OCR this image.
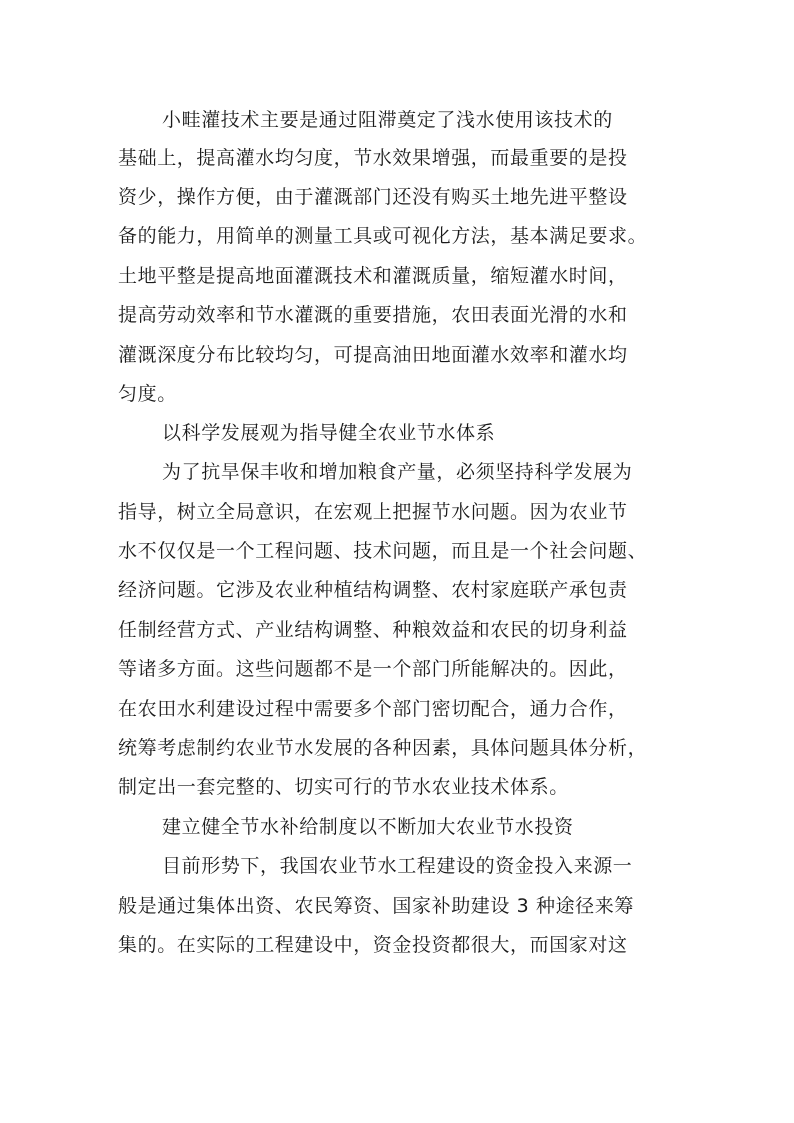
小畦灌技术主要是通过阻滞奠定了浅水使用该技术的
基础上，提高灌水均匀度，节水效果增强，而最重要的是投
资少，操作方便，由于灌溉部门还没有购买土地先进平整设
备的能力，用简单的测量工具或可视化方法，基本满足要求。
土地平整是提高地面灌溉技术和灌溉质量，缩短灌水时间，
提高劳动效率和节水灌溉的重要措施，农田表面光滑的水和
灌溉深度分布比较均匀，可提高油田地面灌水效率和灌水均
匀度。
以科学发展观为指导健全农业节水体系
为了抗旱保丰收和增加粮食产量，必须坚持科学发展为
指导，树立全局意识，在宏观上把握节水问题。因为农业节
水不仅仅是一个工程问题、技术问题，而且是一个社会问题、
经济问题。它涉及农业种植结构调整、农村家庭联产承包责
任制经营方式、产业结构调整、种粮效益和农民的切身利益
等诸多方面。这些问题都不是一个部门所能解决的。因此，
在农田水利建设过程中需要多个部门密切配合，通力合作，
统筹考虑制约农业节水发展的各种因素，具体问题具体分析，
制定出一套完整的、切实可行的节水农业技术体系。
建立健全节水补给制度以不断加大农业节水投资
目前形势下，我国农业节水工程建设的资金投入来源一
般是通过集体出资、农民筹资、国家补助建设 3 种途径来筹
集的。在实际的工程建设中，资金投资都很大，而国家对这
